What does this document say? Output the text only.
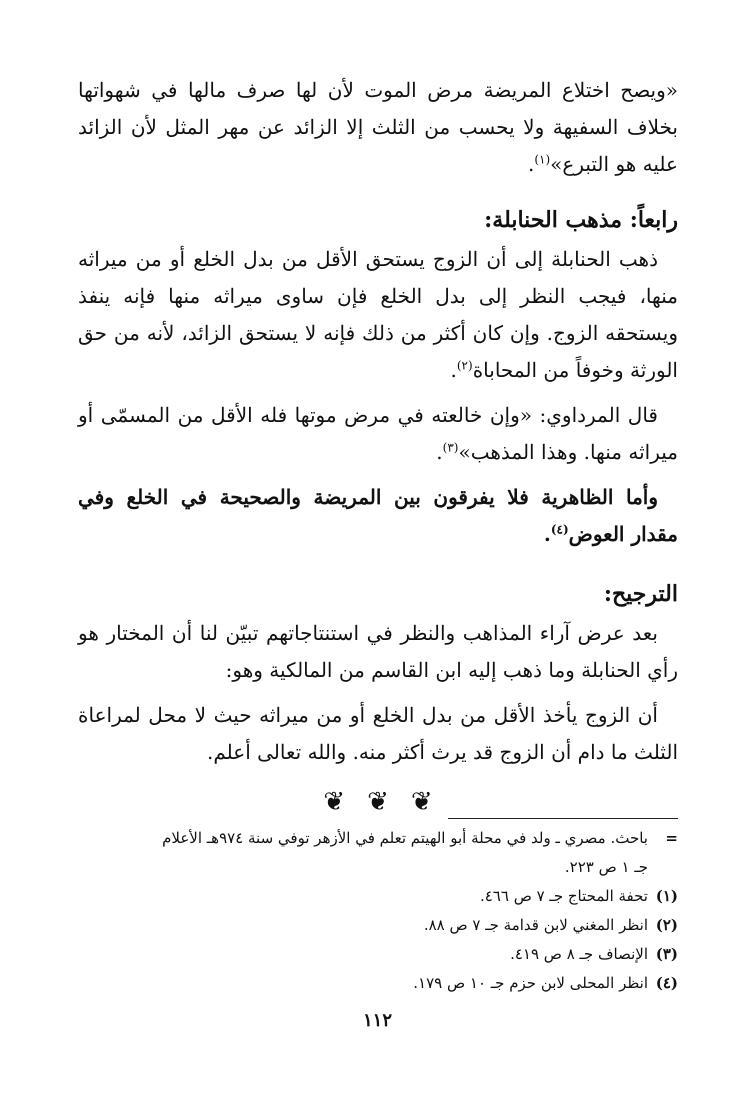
«ويصح اختلاع المريضة مرض الموت لأن لها صرف مالها في شهواتها بخلاف السفيهة ولا يحسب من الثلث إلا الزائد عن مهر المثل لأن الزائد عليه هو التبرع»$^{(١)}$.

رابعاً: مذهب الحنابلة:

ذهب الحنابلة إلى أن الزوج يستحق الأقل من بدل الخلع أو من ميراثه منها، فيجب النظر إلى بدل الخلع فإن ساوى ميراثه منها فإنه ينفذ ويستحقه الزوج. وإن كان أكثر من ذلك فإنه لا يستحق الزائد، لأنه من حق الورثة وخوفاً من المحاباة$^{(٢)}$.

قال المرداوي: «وإن خالعته في مرض موتها فله الأقل من المسمّى أو ميراثه منها. وهذا المذهب»$^{(٣)}$.

وأما الظاهرية فلا يفرقون بين المريضة والصحيحة في الخلع وفي مقدار العوض$^{(٤)}$.

الترجيح:

بعد عرض آراء المذاهب والنظر في استنتاجاتهم تبيّن لنا أن المختار هو رأي الحنابلة وما ذهب إليه ابن القاسم من المالكية وهو:

أن الزوج يأخذ الأقل من بدل الخلع أو من ميراثه حيث لا محل لمراعاة الثلث ما دام أن الزوج قد يرث أكثر منه. والله تعالى أعلم.

❦ ❦ ❦
=
باحث. مصري ـ ولد في محلة أبو الهيتم تعلم في الأزهر توفي سنة ٩٧٤هـ الأعلام
جـ ١ ص ٢٢٣.
(١)
تحفة المحتاج جـ ٧ ص ٤٦٦.
(٢)
انظر المغني لابن قدامة جـ ٧ ص ٨٨.
(٣)
الإنصاف جـ ٨ ص ٤١٩.
(٤)
انظر المحلى لابن حزم جـ ١٠ ص ١٧٩.
١١٢
